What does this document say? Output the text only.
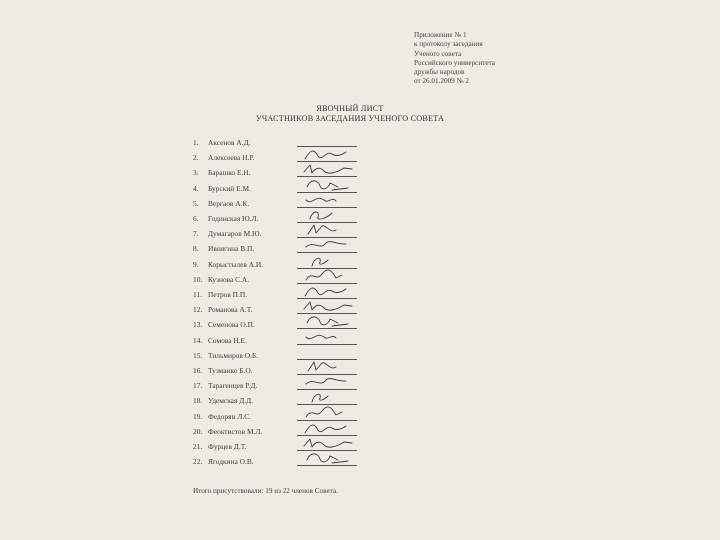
Приложение № 1
к протоколу заседания
Ученого совета
Российского университета
дружбы народов
от 26.01.2009 № 2
ЯВОЧНЫЙ ЛИСТ
УЧАСТНИКОВ ЗАСЕДАНИЯ УЧЕНОГО СОВЕТА
1.	Аксенов А.Д.
2.	Алексеева Н.Р.
3.	Барашко Е.Н.
4.	Бурский Е.М.
5.	Вергаов А.К.
6.	Годинская Ю.Л.
7.	Думагаров М.Ю.
8.	Ивнягина В.П.
9.	Корыстылев А.И.
10. Кузнова С.А.
11. Петров П.П.
12. Романова А.Т.
13. Семенова О.П.
14. Сомова Н.Е.
15. Тильмиров О.Б.
16. Тузманко Б.О.
17. Тарагенцев Р.Д.
18. Удемская Д.Д.
19. Федорян Л.С.
20. Феоктистов М.Л.
21. Фурцев Д.Т.
22. Ягодкина О.В.
Итого присутствовали: 19 из 22 членов Совета.
